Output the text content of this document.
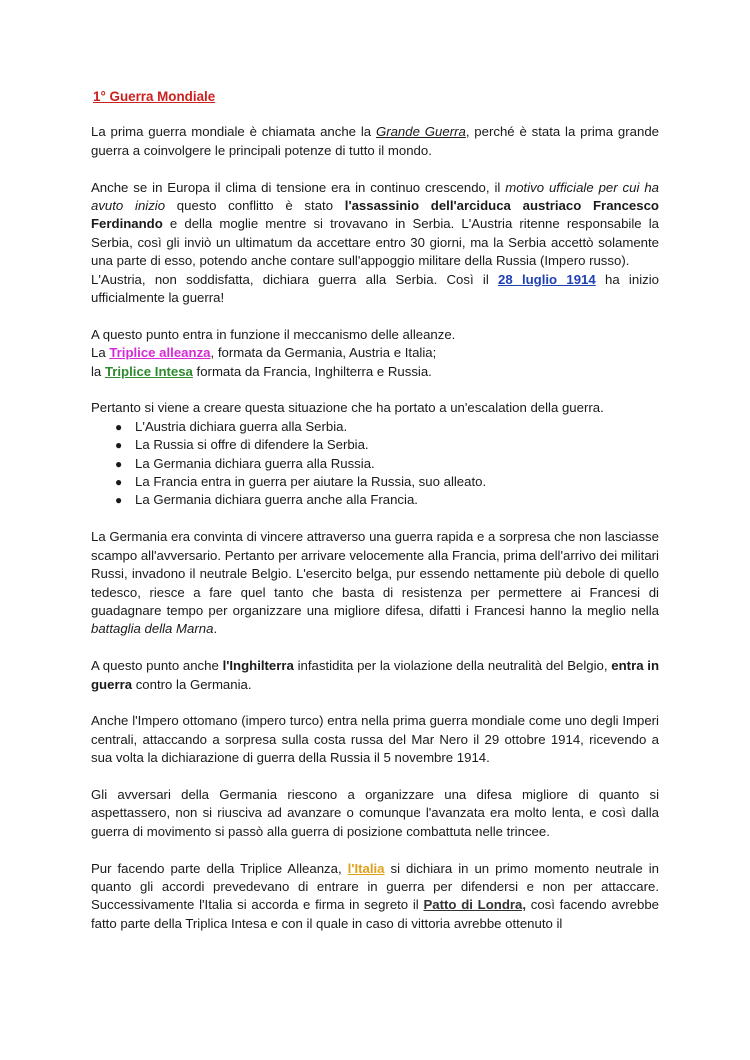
1° Guerra Mondiale

La prima guerra mondiale è chiamata anche la Grande Guerra, perché è stata la prima grande guerra a coinvolgere le principali potenze di tutto il mondo.

Anche se in Europa il clima di tensione era in continuo crescendo, il motivo ufficiale per cui ha avuto inizio questo conflitto è stato l'assassinio dell'arciduca austriaco Francesco Ferdinando e della moglie mentre si trovavano in Serbia. L'Austria ritenne responsabile la Serbia, così gli inviò un ultimatum da accettare entro 30 giorni, ma la Serbia accettò solamente una parte di esso, potendo anche contare sull'appoggio militare della Russia (Impero russo).

L'Austria, non soddisfatta, dichiara guerra alla Serbia. Così il 28 luglio 1914 ha inizio ufficialmente la guerra!

A questo punto entra in funzione il meccanismo delle alleanze.
La Triplice alleanza, formata da Germania, Austria e Italia;
la Triplice Intesa formata da Francia, Inghilterra e Russia.

Pertanto si viene a creare questa situazione che ha portato a un'escalation della guerra.

● L'Austria dichiara guerra alla Serbia.
● La Russia si offre di difendere la Serbia.
● La Germania dichiara guerra alla Russia.
● La Francia entra in guerra per aiutare la Russia, suo alleato.
● La Germania dichiara guerra anche alla Francia.

La Germania era convinta di vincere attraverso una guerra rapida e a sorpresa che non lasciasse scampo all'avversario. Pertanto per arrivare velocemente alla Francia, prima dell'arrivo dei militari Russi, invadono il neutrale Belgio. L'esercito belga, pur essendo nettamente più debole di quello tedesco, riesce a fare quel tanto che basta di resistenza per permettere ai Francesi di guadagnare tempo per organizzare una migliore difesa, difatti i Francesi hanno la meglio nella battaglia della Marna.

A questo punto anche l'Inghilterra infastidita per la violazione della neutralità del Belgio, entra in guerra contro la Germania.

Anche l'Impero ottomano (impero turco) entra nella prima guerra mondiale come uno degli Imperi centrali, attaccando a sorpresa sulla costa russa del Mar Nero il 29 ottobre 1914, ricevendo a sua volta la dichiarazione di guerra della Russia il 5 novembre 1914.

Gli avversari della Germania riescono a organizzare una difesa migliore di quanto si aspettassero, non si riusciva ad avanzare o comunque l'avanzata era molto lenta, e così dalla guerra di movimento si passò alla guerra di posizione combattuta nelle trincee.

Pur facendo parte della Triplice Alleanza, l'Italia si dichiara in un primo momento neutrale in quanto gli accordi prevedevano di entrare in guerra per difendersi e non per attaccare. Successivamente l'Italia si accorda e firma in segreto il Patto di Londra, così facendo avrebbe fatto parte della Triplica Intesa e con il quale in caso di vittoria avrebbe ottenuto il
